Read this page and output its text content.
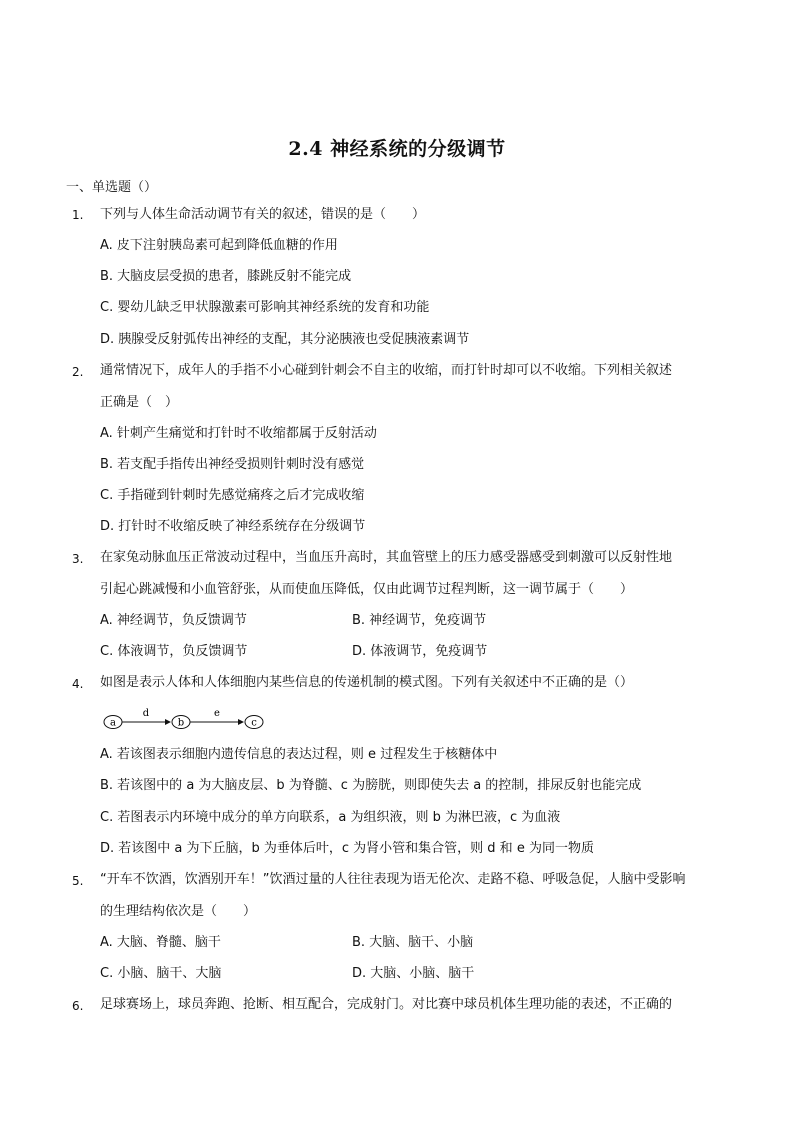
2.4 神经系统的分级调节
一、单选题（）
1. 下列与人体生命活动调节有关的叙述，错误的是（　　）
A. 皮下注射胰岛素可起到降低血糖的作用
B. 大脑皮层受损的患者，膝跳反射不能完成
C. 婴幼儿缺乏甲状腺激素可影响其神经系统的发育和功能
D. 胰腺受反射弧传出神经的支配，其分泌胰液也受促胰液素调节
2. 通常情况下，成年人的手指不小心碰到针刺会不自主的收缩，而打针时却可以不收缩。下列相关叙述
正确是（　）
A. 针刺产生痛觉和打针时不收缩都属于反射活动
B. 若支配手指传出神经受损则针刺时没有感觉
C. 手指碰到针刺时先感觉痛疼之后才完成收缩
D. 打针时不收缩反映了神经系统存在分级调节
3. 在家兔动脉血压正常波动过程中，当血压升高时，其血管壁上的压力感受器感受到刺激可以反射性地
引起心跳减慢和小血管舒张，从而使血压降低，仅由此调节过程判断，这一调节属于（　　）
A. 神经调节，负反馈调节	B. 神经调节，免疫调节
C. 体液调节，负反馈调节	D. 体液调节，免疫调节
4. 如图是表示人体和人体细胞内某些信息的传递机制的模式图。下列有关叙述中不正确的是（）
a
d
b
e
c
A. 若该图表示细胞内遗传信息的表达过程，则 e 过程发生于核糖体中
B. 若该图中的 a 为大脑皮层、b 为脊髓、c 为膀胱，则即使失去 a 的控制，排尿反射也能完成
C. 若图表示内环境中成分的单方向联系，a 为组织液，则 b 为淋巴液，c 为血液
D. 若该图中 a 为下丘脑，b 为垂体后叶，c 为肾小管和集合管，则 d 和 e 为同一物质
5. “开车不饮酒，饮酒别开车！”饮酒过量的人往往表现为语无伦次、走路不稳、呼吸急促，人脑中受影响
的生理结构依次是（　　）
A. 大脑、脊髓、脑干	B. 大脑、脑干、小脑
C. 小脑、脑干、大脑	D. 大脑、小脑、脑干
6. 足球赛场上，球员奔跑、抢断、相互配合，完成射门。对比赛中球员机体生理功能的表述，不正确的
